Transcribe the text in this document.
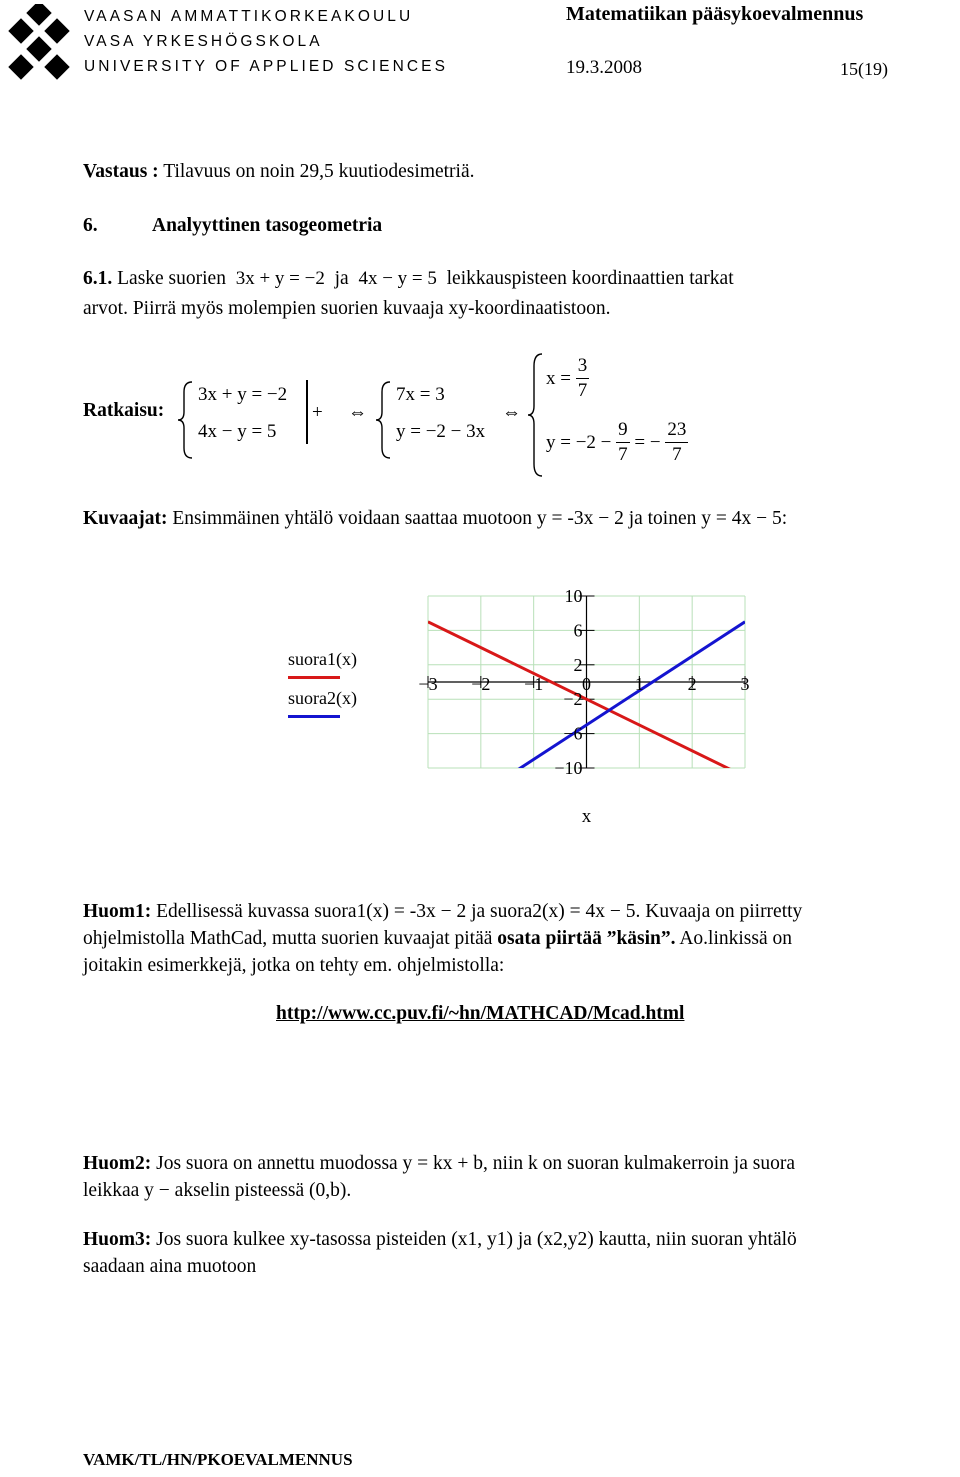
VAASAN AMMATTIKORKEAKOULU
VASA YRKESHÖGSKOLA
UNIVERSITY OF APPLIED SCIENCES
Matematiikan pääsykoevalmennus
19.3.2008	15(19)
Vastaus : Tilavuus on noin 29,5 kuutiodesimetriä.
6.	Analyyttinen tasogeometria
6.1. Laske suorien 3x + y = −2 ja 4x − y = 5 leikkauspisteen koordinaattien tarkat
arvot. Piirrä myös molempien suorien kuvaaja xy-koordinaatistoon.
Ratkaisu:
3x + y = −2
4x − y = 5
+ ⇔
7x = 3
y = −2 − 3x
⇔
x =
$\frac{3}{7}$
y = −2 −
$\frac{9}{7}$
= −
$\frac{23}{7}$
Kuvaajat: Ensimmäinen yhtälö voidaan saattaa muotoon y = -3x − 2 ja toinen y = 4x − 5:
suora1(x)
suora2(x)
−3 −2 −1 0 1 2 3
10
6
2
−2
−6
−10
x
Huom1: Edellisessä kuvassa suora1(x) = -3x − 2 ja suora2(x) = 4x − 5. Kuvaaja on piirretty
ohjelmistolla MathCad, mutta suorien kuvaajat pitää osata piirtää ”käsin”. Ao.linkissä on
joitakin esimerkkejä, jotka on tehty em. ohjelmistolla:
http://www.cc.puv.fi/~hn/MATHCAD/Mcad.html
Huom2: Jos suora on annettu muodossa y = kx + b, niin k on suoran kulmakerroin ja suora
leikkaa y − akselin pisteessä (0,b).
Huom3: Jos suora kulkee xy-tasossa pisteiden (x1, y1) ja (x2,y2) kautta, niin suoran yhtälö
saadaan aina muotoon
VAMK/TL/HN/PKOEVALMENNUS
